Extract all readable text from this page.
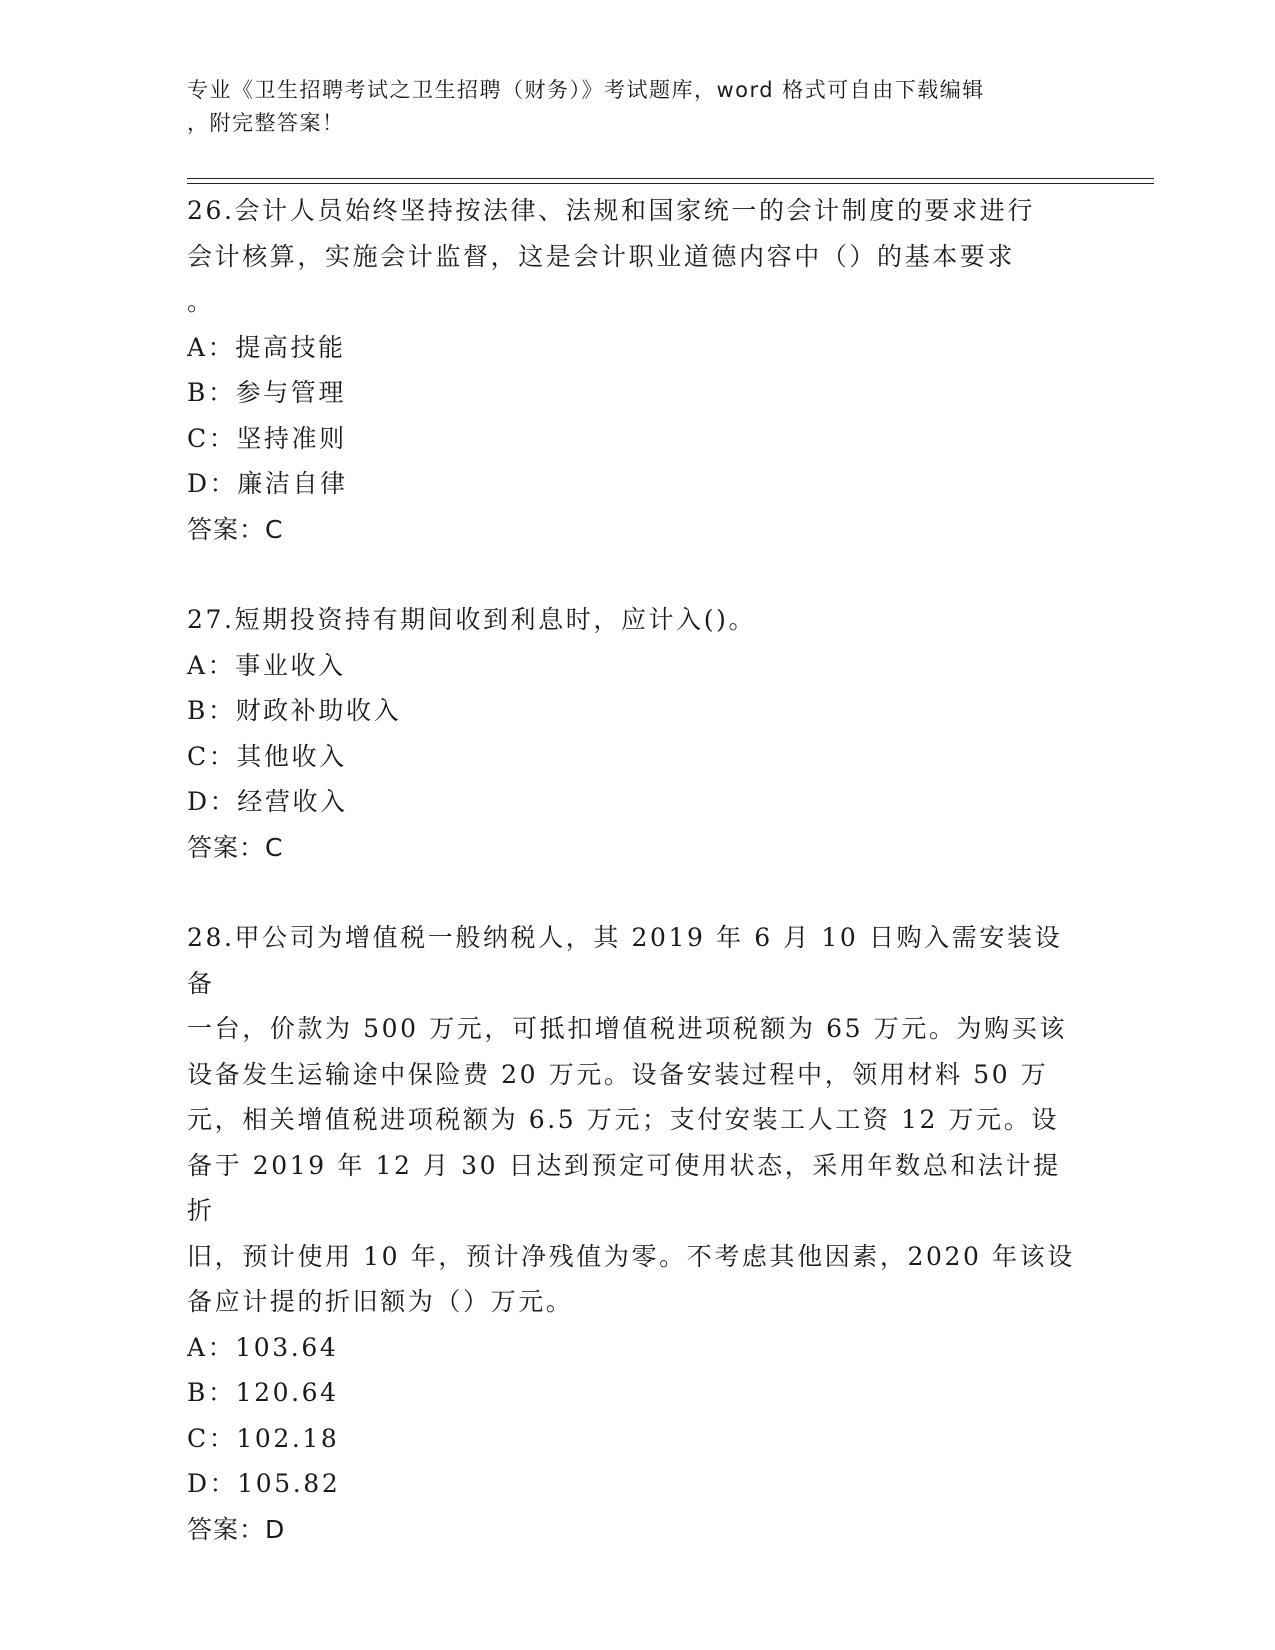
专业《卫生招聘考试之卫生招聘（财务）》考试题库，word 格式可自由下载编辑
，附完整答案！
26.会计人员始终坚持按法律、法规和国家统一的会计制度的要求进行
会计核算，实施会计监督，这是会计职业道德内容中（）的基本要求
。
A：提高技能
B：参与管理
C：坚持准则
D：廉洁自律
答案：C
27.短期投资持有期间收到利息时，应计入()。
A：事业收入
B：财政补助收入
C：其他收入
D：经营收入
答案：C
28.甲公司为增值税一般纳税人，其 2019 年 6 月 10 日购入需安装设备
一台，价款为 500 万元，可抵扣增值税进项税额为 65 万元。为购买该
设备发生运输途中保险费 20 万元。设备安装过程中，领用材料 50 万
元，相关增值税进项税额为 6.5 万元；支付安装工人工资 12 万元。设
备于 2019 年 12 月 30 日达到预定可使用状态，采用年数总和法计提折
旧，预计使用 10 年，预计净残值为零。不考虑其他因素，2020 年该设
备应计提的折旧额为（）万元。
A：103.64
B：120.64
C：102.18
D：105.82
答案：D
